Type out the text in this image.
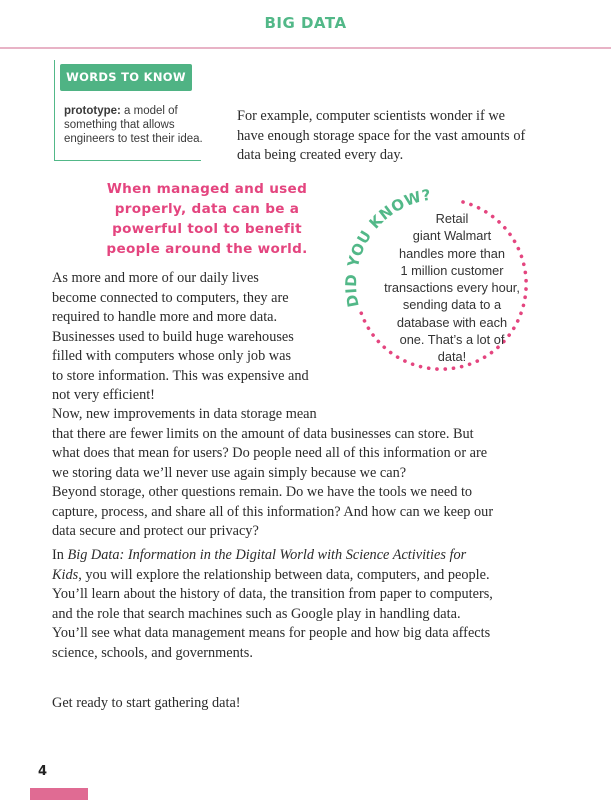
BIG DATA
WORDS TO KNOW
prototype: a model of
something that allows
engineers to test their idea.

For example, computer scientists wonder if we
have enough storage space for the vast amounts of
data being created every day.

When managed and used
properly, data can be a
powerful tool to benefit
people around the world.
DID YOU KNOW?
Retail
giant Walmart
handles more than
1 million customer
transactions every hour,
sending data to a
database with each
one. That’s a lot of
data!

As more and more of our daily lives
become connected to computers, they are
required to handle more and more data.
Businesses used to build huge warehouses
filled with computers whose only job was
to store information. This was expensive and
not very efficient!

Now, new improvements in data storage mean
that there are fewer limits on the amount of data businesses can store. But
what does that mean for users? Do people need all of this information or are
we storing data we’ll never use again simply because we can?

Beyond storage, other questions remain. Do we have the tools we need to
capture, process, and share all of this information? And how can we keep our
data secure and protect our privacy?

In Big Data: Information in the Digital World with Science Activities for
Kids, you will explore the relationship between data, computers, and people.
You’ll learn about the history of data, the transition from paper to computers,
and the role that search machines such as Google play in handling data.
You’ll see what data management means for people and how big data affects
science, schools, and governments.

Get ready to start gathering data!

4
